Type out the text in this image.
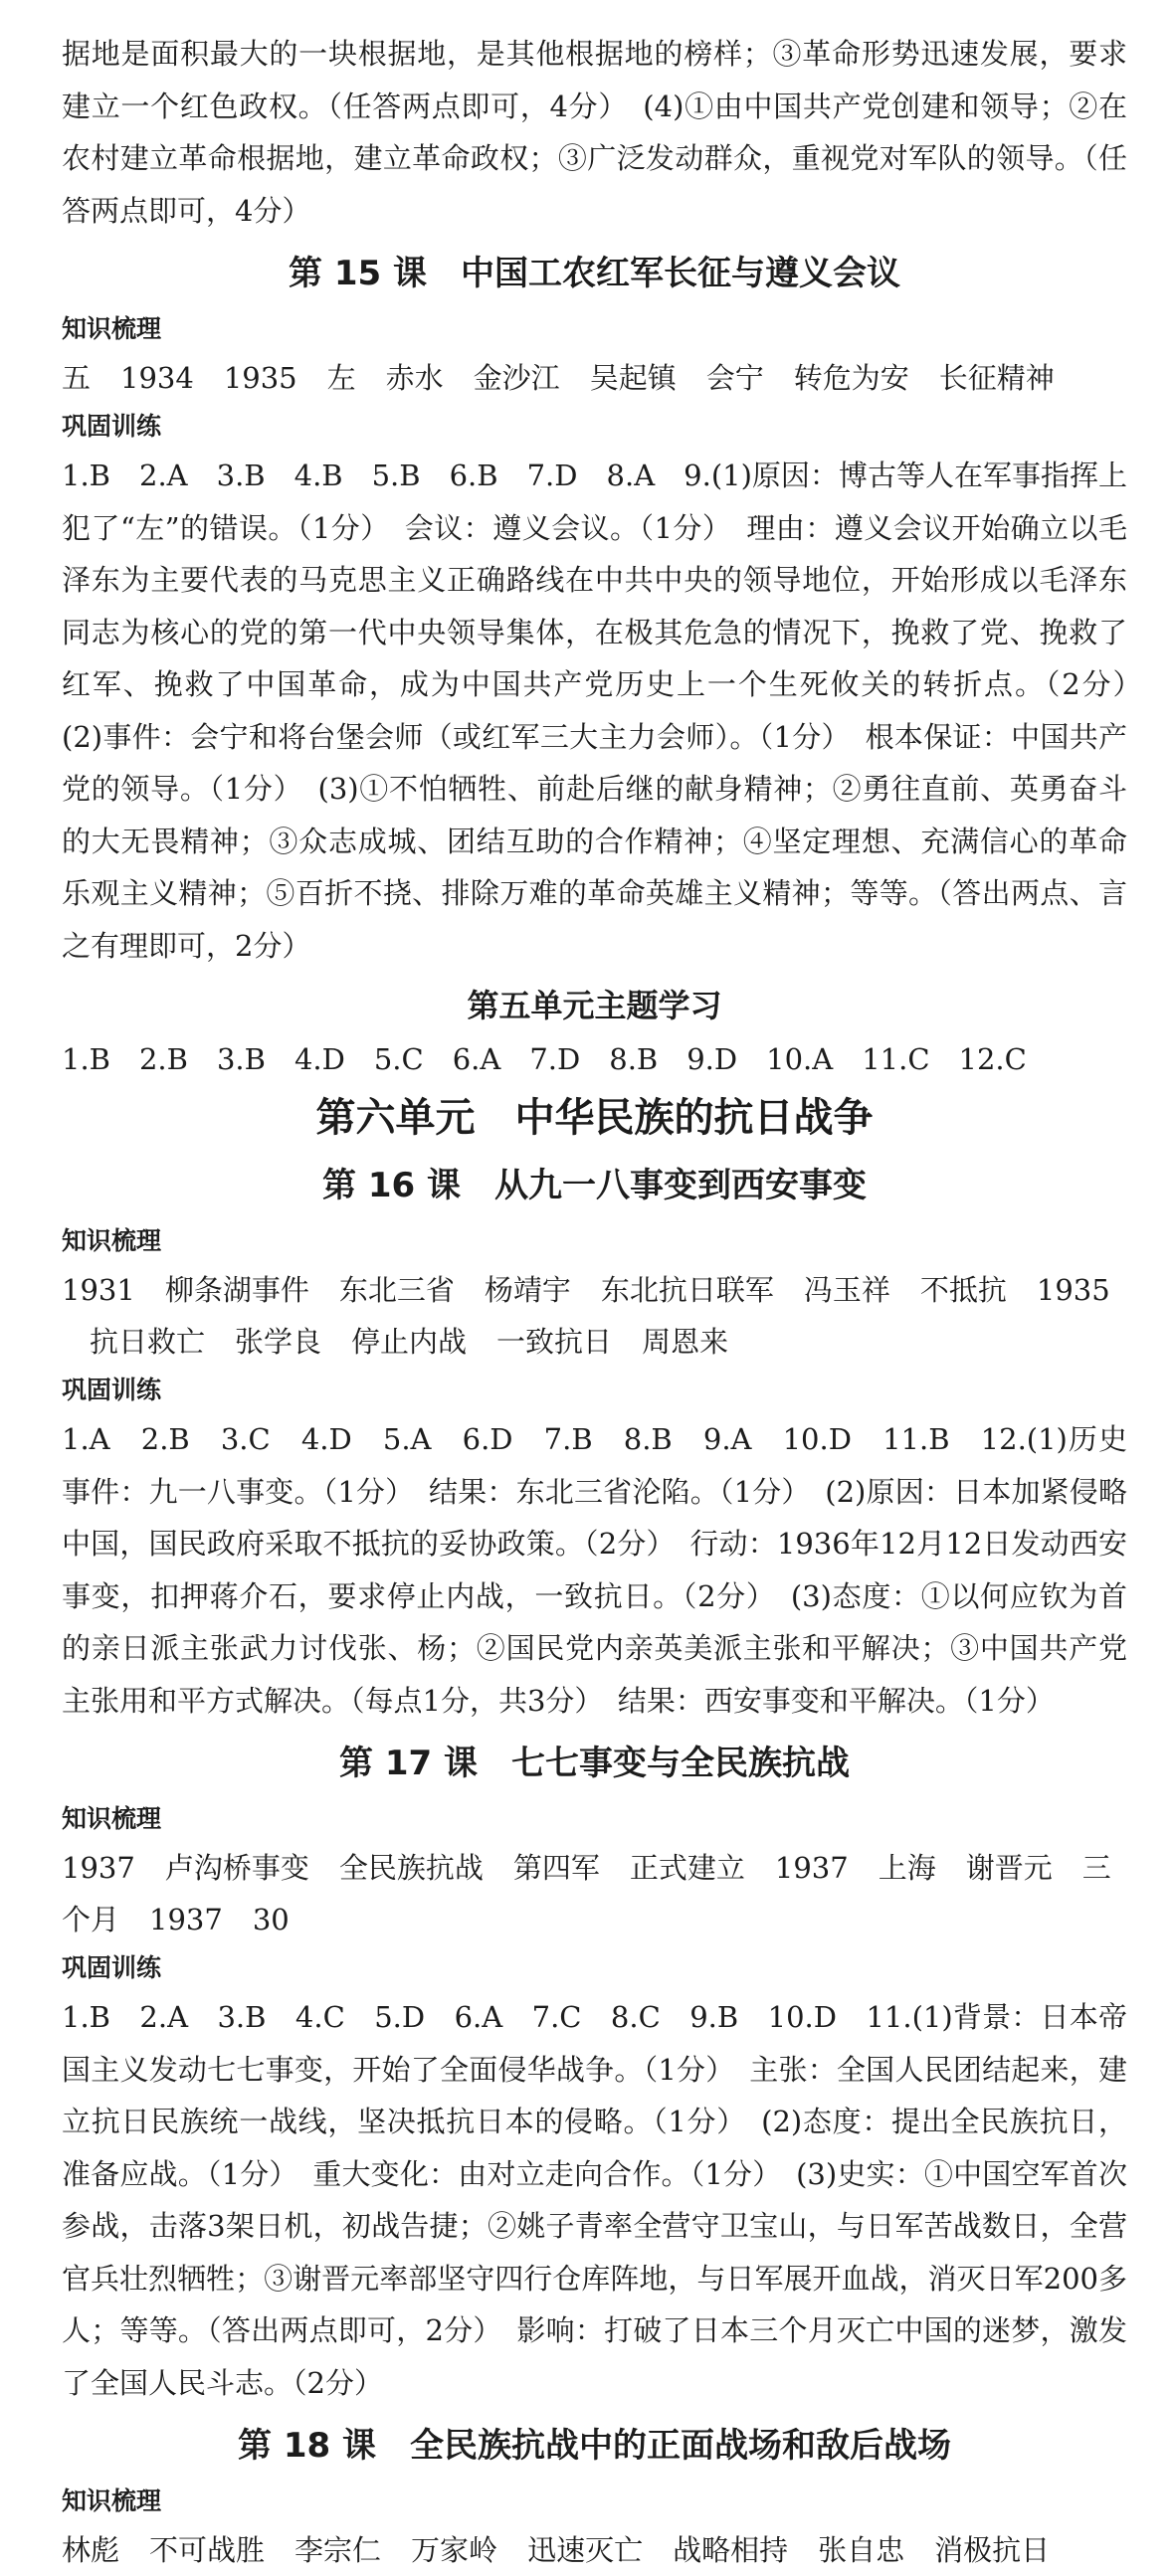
据地是面积最大的一块根据地，是其他根据地的榜样；③革命形势迅速发展，要求建立一个红色政权。（任答两点即可，4分）　(4)①由中国共产党创建和领导；②在农村建立革命根据地，建立革命政权；③广泛发动群众，重视党对军队的领导。（任答两点即可，4分）

第 15 课　中国工农红军长征与遵义会议
知识梳理
五 1934 1935 左 赤水 金沙江 吴起镇 会宁 转危为安 长征精神
巩固训练

1.B　2.A　3.B　4.B　5.B　6.B　7.D　8.A　9.(1)原因：博古等人在军事指挥上犯了“左”的错误。（1分）　会议：遵义会议。（1分）　理由：遵义会议开始确立以毛泽东为主要代表的马克思主义正确路线在中共中央的领导地位，开始形成以毛泽东同志为核心的党的第一代中央领导集体，在极其危急的情况下，挽救了党、挽救了红军、挽救了中国革命，成为中国共产党历史上一个生死攸关的转折点。（2分）　(2)事件：会宁和将台堡会师（或红军三大主力会师）。（1分）　根本保证：中国共产党的领导。（1分）　(3)①不怕牺牲、前赴后继的献身精神；②勇往直前、英勇奋斗的大无畏精神；③众志成城、团结互助的合作精神；④坚定理想、充满信心的革命乐观主义精神；⑤百折不挠、排除万难的革命英雄主义精神；等等。（答出两点、言之有理即可，2分）

第五单元主题学习
1.B　2.B　3.B　4.D　5.C　6.A　7.D　8.B　9.D　10.A　11.C　12.C
第六单元　中华民族的抗日战争
第 16 课　从九一八事变到西安事变
知识梳理
1931 柳条湖事件 东北三省 杨靖宇 东北抗日联军 冯玉祥 不抵抗 1935
抗日救亡 张学良 停止内战 一致抗日 周恩来
巩固训练

1.A　2.B　3.C　4.D　5.A　6.D　7.B　8.B　9.A　10.D　11.B　12.(1)历史事件：九一八事变。（1分）　结果：东北三省沦陷。（1分）　(2)原因：日本加紧侵略中国，国民政府采取不抵抗的妥协政策。（2分）　行动：1936年12月12日发动西安事变，扣押蒋介石，要求停止内战，一致抗日。（2分）　(3)态度：①以何应钦为首的亲日派主张武力讨伐张、杨；②国民党内亲英美派主张和平解决；③中国共产党主张用和平方式解决。（每点1分，共3分）　结果：西安事变和平解决。（1分）

第 17 课　七七事变与全民族抗战
知识梳理
1937 卢沟桥事变 全民族抗战 第四军 正式建立 1937 上海 谢晋元 三
个月 1937 30
巩固训练

1.B　2.A　3.B　4.C　5.D　6.A　7.C　8.C　9.B　10.D　11.(1)背景：日本帝国主义发动七七事变，开始了全面侵华战争。（1分）　主张：全国人民团结起来，建立抗日民族统一战线，坚决抵抗日本的侵略。（1分）　(2)态度：提出全民族抗日，准备应战。（1分）　重大变化：由对立走向合作。（1分）　(3)史实：①中国空军首次参战，击落3架日机，初战告捷；②姚子青率全营守卫宝山，与日军苦战数日，全营官兵壮烈牺牲；③谢晋元率部坚守四行仓库阵地，与日军展开血战，消灭日军200多人；等等。（答出两点即可，2分）　影响：打破了日本三个月灭亡中国的迷梦，激发了全国人民斗志。（2分）

第 18 课　全民族抗战中的正面战场和敌后战场
知识梳理
林彪 不可战胜 李宗仁 万家岭 迅速灭亡 战略相持 张自忠 消极抗日
